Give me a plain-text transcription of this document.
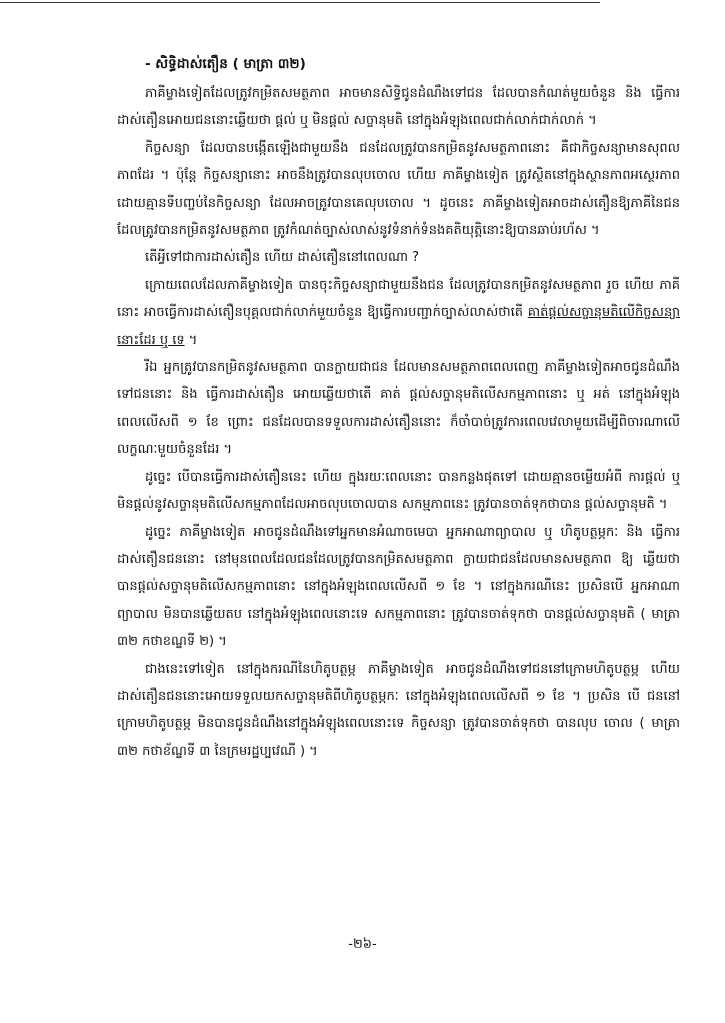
- សិទ្ធិដាស់តឿន ( មាត្រា ៣២)

ភាគីម្ខាងទៀតដែលត្រូវកម្រិតសមត្ថភាព អាចមានសិទ្ធិជូនដំណឹងទៅជន ដែលបានកំណត់មួយចំនួន និង ធ្វើការដាស់តឿនអោយជននោះឆ្លើយថា ផ្ដល់ ឬ មិនផ្ដល់ សច្ចានុមតិ នៅក្នុងអំឡុងពេលជាក់លាក់ជាក់លាក់ ។

កិច្ចសន្យា ដែលបានបង្កើតឡើងជាមួយនឹង ជនដែលត្រូវបានកម្រិតនូវសមត្ថភាពនោះ គឺជាកិច្ចសន្យាមានសុពលភាពដែរ ។ ប៉ុន្តែ កិច្ចសន្យានោះ អាចនឹងត្រូវបានលុបចោល ហើយ ភាគីម្ខាងទៀត ត្រូវស្ថិតនៅក្នុងស្ថានភាពអស្ថេរភាព ដោយគ្មានទីបញ្ចប់នៃកិច្ចសន្យា ដែលអាចត្រូវបានគេលុបចោល ។ ដូចនេះ ភាគីម្ខាងទៀតអាចដាស់តឿនឱ្យភាគីនៃជន ដែលត្រូវបានកម្រិតនូវសមត្ថភាព ត្រូវកំណត់ច្បាស់លាស់នូវទំនាក់ទំនងគតិយុត្តិនោះឱ្យបានឆាប់រហ័ស ។

តើអ្វីទៅជាការដាស់តឿន ហើយ ដាស់តឿននៅពេលណា ?

ក្រោយពេលដែលភាគីម្ខាងទៀត បានចុះកិច្ចសន្យាជាមួយនឹងជន ដែលត្រូវបានកម្រិតនូវសមត្ថភាព រួច ហើយ ភាគីនោះ អាចធ្វើការដាស់តឿនបុគ្គលជាក់លាក់មួយចំនួន ឱ្យធ្វើការបញ្ជាក់ច្បាស់លាស់ថាតើ គាត់ផ្ដល់សច្ចានុមតិលើកិច្ចសន្យានោះដែរ ឬ ទេ ។

រីឯ អ្នកត្រូវបានកម្រិតនូវសមត្ថភាព បានក្លាយជាជន ដែលមានសមត្ថភាពពេលពេញ ភាគីម្ខាងទៀតអាចជូនដំណឹងទៅជននោះ និង ធ្វើការដាស់តឿន អោយឆ្លើយថាតើ គាត់ ផ្ដល់សច្ចានុមតិលើសកម្មភាពនោះ ឬ អត់ នៅក្នុងអំឡុងពេលលើសពី ១ ខែ ព្រោះ ជនដែលបានទទួលការដាស់តឿននោះ ក៏ចាំបាច់ត្រូវការពេលវេលាមួយដើម្បីពិចារណាលើលក្ខណៈមួយចំនួនដែរ ។

ដូច្នេះ បើបានធ្វើការដាស់តឿននេះ ហើយ ក្នុងរយៈពេលនោះ បានកន្លងផុតទៅ ដោយគ្មានចម្លើយអំពី ការផ្ដល់ ឬ មិនផ្ដល់នូវសច្ចានុមតិលើសកម្មភាពដែលអាចលុបចោលបាន សកម្មភាពនេះ ត្រូវបានចាត់ទុកថាបាន ផ្ដល់សច្ចានុមតិ ។

ដូច្នេះ ភាគីម្ខាងទៀត អាចជូនដំណឹងទៅអ្នកមានអំណាចមេបា អ្នកអាណាព្យាបាល ឬ ហិតូបត្ថម្ភកៈ និង ធ្វើការដាស់តឿនជននោះ នៅមុនពេលដែលជនដែលត្រូវបានកម្រិតសមត្ថភាព ក្លាយជាជនដែលមានសមត្ថភាព ឱ្យ ឆ្លើយថា បានផ្ដល់សច្ចានុមតិលើសកម្មភាពនោះ នៅក្នុងអំឡុងពេលលើសពី ១ ខែ ។ នៅក្នុងករណីនេះ ប្រសិនបើ អ្នកអាណាព្យាបាល មិនបានឆ្លើយតប នៅក្នុងអំឡុងពេលនោះទេ សកម្មភាពនោះ ត្រូវបានចាត់ទុកថា បានផ្ដល់សច្ចានុមតិ ( មាត្រា ៣២ កថាខណ្ឌទី ២) ។

ជាងនេះទៅទៀត នៅក្នុងករណីនៃហិតូបត្ថម្ភ ភាគីម្ខាងទៀត អាចជូនដំណឹងទៅជននៅក្រោមហិតូបត្ថម្ភ ហើយ ដាស់តឿនជននោះអោយទទួលយកសច្ចានុមតិពីហិតូបត្ថម្ភកៈ នៅក្នុងអំឡុងពេលលើសពី ១ ខែ ។ ប្រសិន បើ ជននៅក្រោមហិតូបត្ថម្ភ មិនបានជូនដំណឹងនៅក្នុងអំឡុងពេលនោះទេ កិច្ចសន្យា ត្រូវបានចាត់ទុកថា បានលុប ចោល ( មាត្រា ៣២ កថាខ័ណ្ឌទី ៣ នៃក្រមរដ្ឋប្បវេណី ) ។

-២៦-
